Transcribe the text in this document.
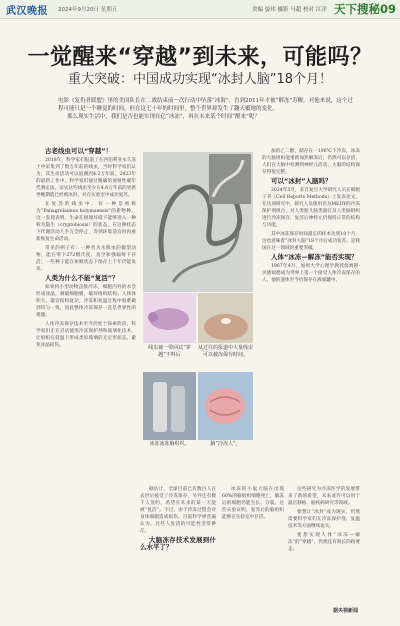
武汉晚报 2024年9月20日 星期五	美编 晏玮 摄影 马超 校对 江洋 天下搜秘09
一觉醒来“穿越”到未来，可能吗？
重大突破：中国成功实现“冰封人脑”18个月！
电影《复仇者联盟》里的美国队长在二战结束前一次行动中坠落“冰海”，直到2011年才被“解冻”苏醒。对他来说，这个过程可能只是一个睡觉的时间，但在这七十年的时间里，整个世界却发生了翻天覆地的变化。
那么现实生活中，我们是否也能实现在亿“冰冻”，再在未来某个时间“醒来”呢？

古老线虫可以“穿越”！

2018年，科学家们报道了在西伯利亚永久冻土中采集到了数万年前的线虫，当时科学家们认为，其生命活动可以追溯到4.2万年前。2023年的最新工作中，科学家们通过精确的放射性碳年代测定法，证实这些线虫至少在4.6万年前的更新世晚期就已经被冰封，并在实验室中成功复苏。

在复苏的线虫中，有一种是被称为“Panagrolaimus kolymaensis”的新物种。这一发现表明，生命在极端环境下能够进入一种称为隐生（cryptobiosis）的状态，在这种状态下代谢活动几乎完全停止，等到环境适宜时再重新恢复生命活动。

常见的例子有：一种名为水熊虫的微型动物，能在零下272摄氏度、真空和强辐射下存活；一些种子能在休眠状态下保存上千年仍能发芽。

人类为什么不能“复活”？

如果将小型动物直接冷冻，细胞内外的水会形成冰晶，刺破细胞膜，破坏组织结构。人体体积大，器官结构复杂，冷冻和复温过程中很难做到均匀一致，因此整体冷冻保存一直是世界性的难题。

人体冷冻保存技术至今仍处于探索阶段，科学家们正在尝试使用冷冻保护剂和玻璃化技术，让组织在低温下形成类似玻璃的无定形状态，避免冰晶损伤。	线虫被一带回其“穿越”不料后
从过往的报道中大量线虫可以被冻保存时间。
冰冻冰冻脑组织。	脑“冷冻人”。

加的乙二醇，储存在一196℃下冷冻，冰冻的大脑组织能重新加热解冻后，仍然可以存活，人们在大脑中检测到神经元活动，大脑的结构保存得很完整。

可以“冰封”人脑吗？

2024年5月，来自复旦大学研究人员在细胞子刊《Cell Reports Methods》上发表论文，在这项研究中，研究人员使用名为MEDY的冷冻保护剂组合，对人类胎儿脑类器官及人类脑组织进行冷冻保存，复苏后神经元仍保持正常的结构与功能。

其中冰冻保存时间最长的样本达到18个月，这也意味着“冰封人脑”18个月后成功复苏，是我国在这一领域的重要突破。

人体“冰冻—解冻”能否实现？

1967年4月，加州大学心理学教授詹姆斯·贝德福德成为世界上第一个接受人体冷冻保存的人，他的遗体至今仍保存在液氮罐中。

据估计，全球目前已有数百人在去世后接受了冷冻保存，另外还有数千人签约，希望在未来的某一天能被“复活”。不过，由于冷冻过程会对身体细胞造成损伤，目前科学界普遍认为，这些人复活的可能性非常渺茫。

大脑冻存技术发展到什么水平了？

冰冻的小鼠大脑在出现60%的脑组织细胞死亡，解冻后的细胞仍能生长、分裂。这些实验证明，复苏后的脑组织能够在实验室中存活。

这些研究为冷冻医学的发展带来了新的希望，未来或许可以用于器官移植、脑疾病研究等领域。

要想让“冰封”成为现实，仍然需要科学家们在冷冻保护剂、复温技术等方面继续攻关。

要想实现人体“冰冻—解冻”的“穿越”，仍然还有很长的路要走。

据央视新闻
